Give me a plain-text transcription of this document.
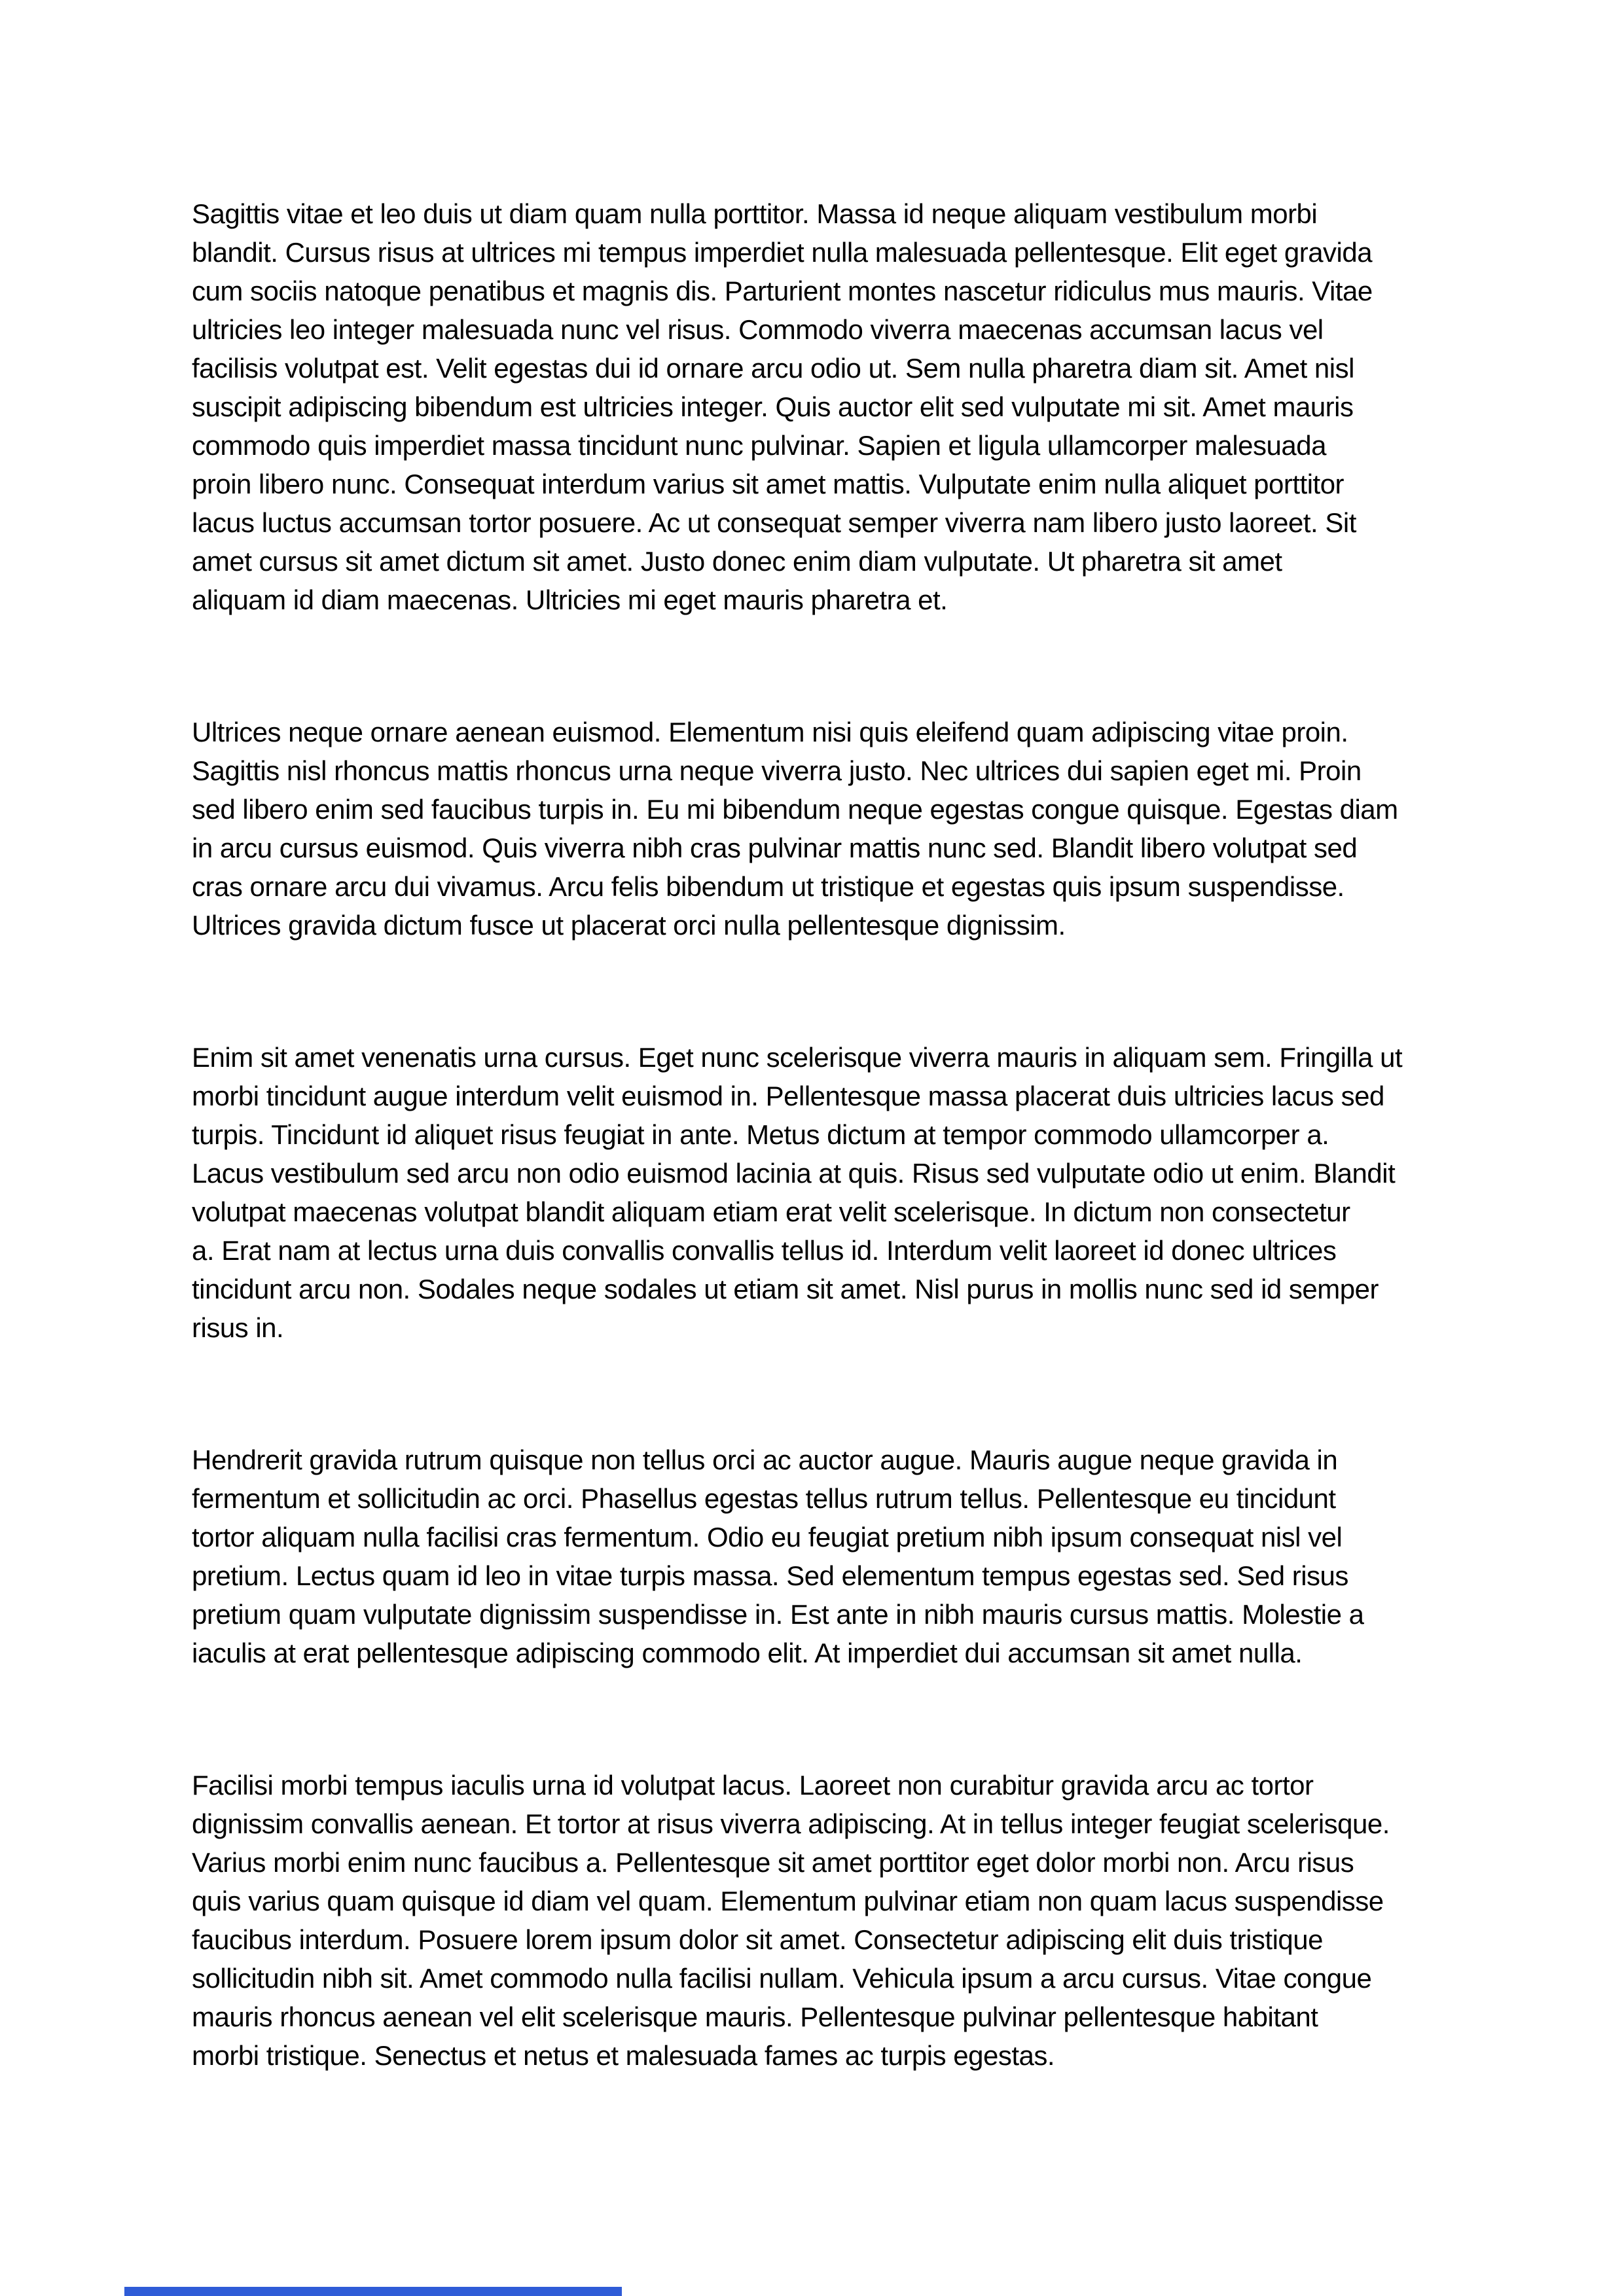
Sagittis vitae et leo duis ut diam quam nulla porttitor. Massa id neque aliquam vestibulum morbi
blandit. Cursus risus at ultrices mi tempus imperdiet nulla malesuada pellentesque. Elit eget gravida
cum sociis natoque penatibus et magnis dis. Parturient montes nascetur ridiculus mus mauris. Vitae
ultricies leo integer malesuada nunc vel risus. Commodo viverra maecenas accumsan lacus vel
facilisis volutpat est. Velit egestas dui id ornare arcu odio ut. Sem nulla pharetra diam sit. Amet nisl
suscipit adipiscing bibendum est ultricies integer. Quis auctor elit sed vulputate mi sit. Amet mauris
commodo quis imperdiet massa tincidunt nunc pulvinar. Sapien et ligula ullamcorper malesuada
proin libero nunc. Consequat interdum varius sit amet mattis. Vulputate enim nulla aliquet porttitor
lacus luctus accumsan tortor posuere. Ac ut consequat semper viverra nam libero justo laoreet. Sit
amet cursus sit amet dictum sit amet. Justo donec enim diam vulputate. Ut pharetra sit amet
aliquam id diam maecenas. Ultricies mi eget mauris pharetra et.

Ultrices neque ornare aenean euismod. Elementum nisi quis eleifend quam adipiscing vitae proin.
Sagittis nisl rhoncus mattis rhoncus urna neque viverra justo. Nec ultrices dui sapien eget mi. Proin
sed libero enim sed faucibus turpis in. Eu mi bibendum neque egestas congue quisque. Egestas diam
in arcu cursus euismod. Quis viverra nibh cras pulvinar mattis nunc sed. Blandit libero volutpat sed
cras ornare arcu dui vivamus. Arcu felis bibendum ut tristique et egestas quis ipsum suspendisse.
Ultrices gravida dictum fusce ut placerat orci nulla pellentesque dignissim.

Enim sit amet venenatis urna cursus. Eget nunc scelerisque viverra mauris in aliquam sem. Fringilla ut
morbi tincidunt augue interdum velit euismod in. Pellentesque massa placerat duis ultricies lacus sed
turpis. Tincidunt id aliquet risus feugiat in ante. Metus dictum at tempor commodo ullamcorper a.
Lacus vestibulum sed arcu non odio euismod lacinia at quis. Risus sed vulputate odio ut enim. Blandit
volutpat maecenas volutpat blandit aliquam etiam erat velit scelerisque. In dictum non consectetur
a. Erat nam at lectus urna duis convallis convallis tellus id. Interdum velit laoreet id donec ultrices
tincidunt arcu non. Sodales neque sodales ut etiam sit amet. Nisl purus in mollis nunc sed id semper
risus in.

Hendrerit gravida rutrum quisque non tellus orci ac auctor augue. Mauris augue neque gravida in
fermentum et sollicitudin ac orci. Phasellus egestas tellus rutrum tellus. Pellentesque eu tincidunt
tortor aliquam nulla facilisi cras fermentum. Odio eu feugiat pretium nibh ipsum consequat nisl vel
pretium. Lectus quam id leo in vitae turpis massa. Sed elementum tempus egestas sed. Sed risus
pretium quam vulputate dignissim suspendisse in. Est ante in nibh mauris cursus mattis. Molestie a
iaculis at erat pellentesque adipiscing commodo elit. At imperdiet dui accumsan sit amet nulla.

Facilisi morbi tempus iaculis urna id volutpat lacus. Laoreet non curabitur gravida arcu ac tortor
dignissim convallis aenean. Et tortor at risus viverra adipiscing. At in tellus integer feugiat scelerisque.
Varius morbi enim nunc faucibus a. Pellentesque sit amet porttitor eget dolor morbi non. Arcu risus
quis varius quam quisque id diam vel quam. Elementum pulvinar etiam non quam lacus suspendisse
faucibus interdum. Posuere lorem ipsum dolor sit amet. Consectetur adipiscing elit duis tristique
sollicitudin nibh sit. Amet commodo nulla facilisi nullam. Vehicula ipsum a arcu cursus. Vitae congue
mauris rhoncus aenean vel elit scelerisque mauris. Pellentesque pulvinar pellentesque habitant
morbi tristique. Senectus et netus et malesuada fames ac turpis egestas.
